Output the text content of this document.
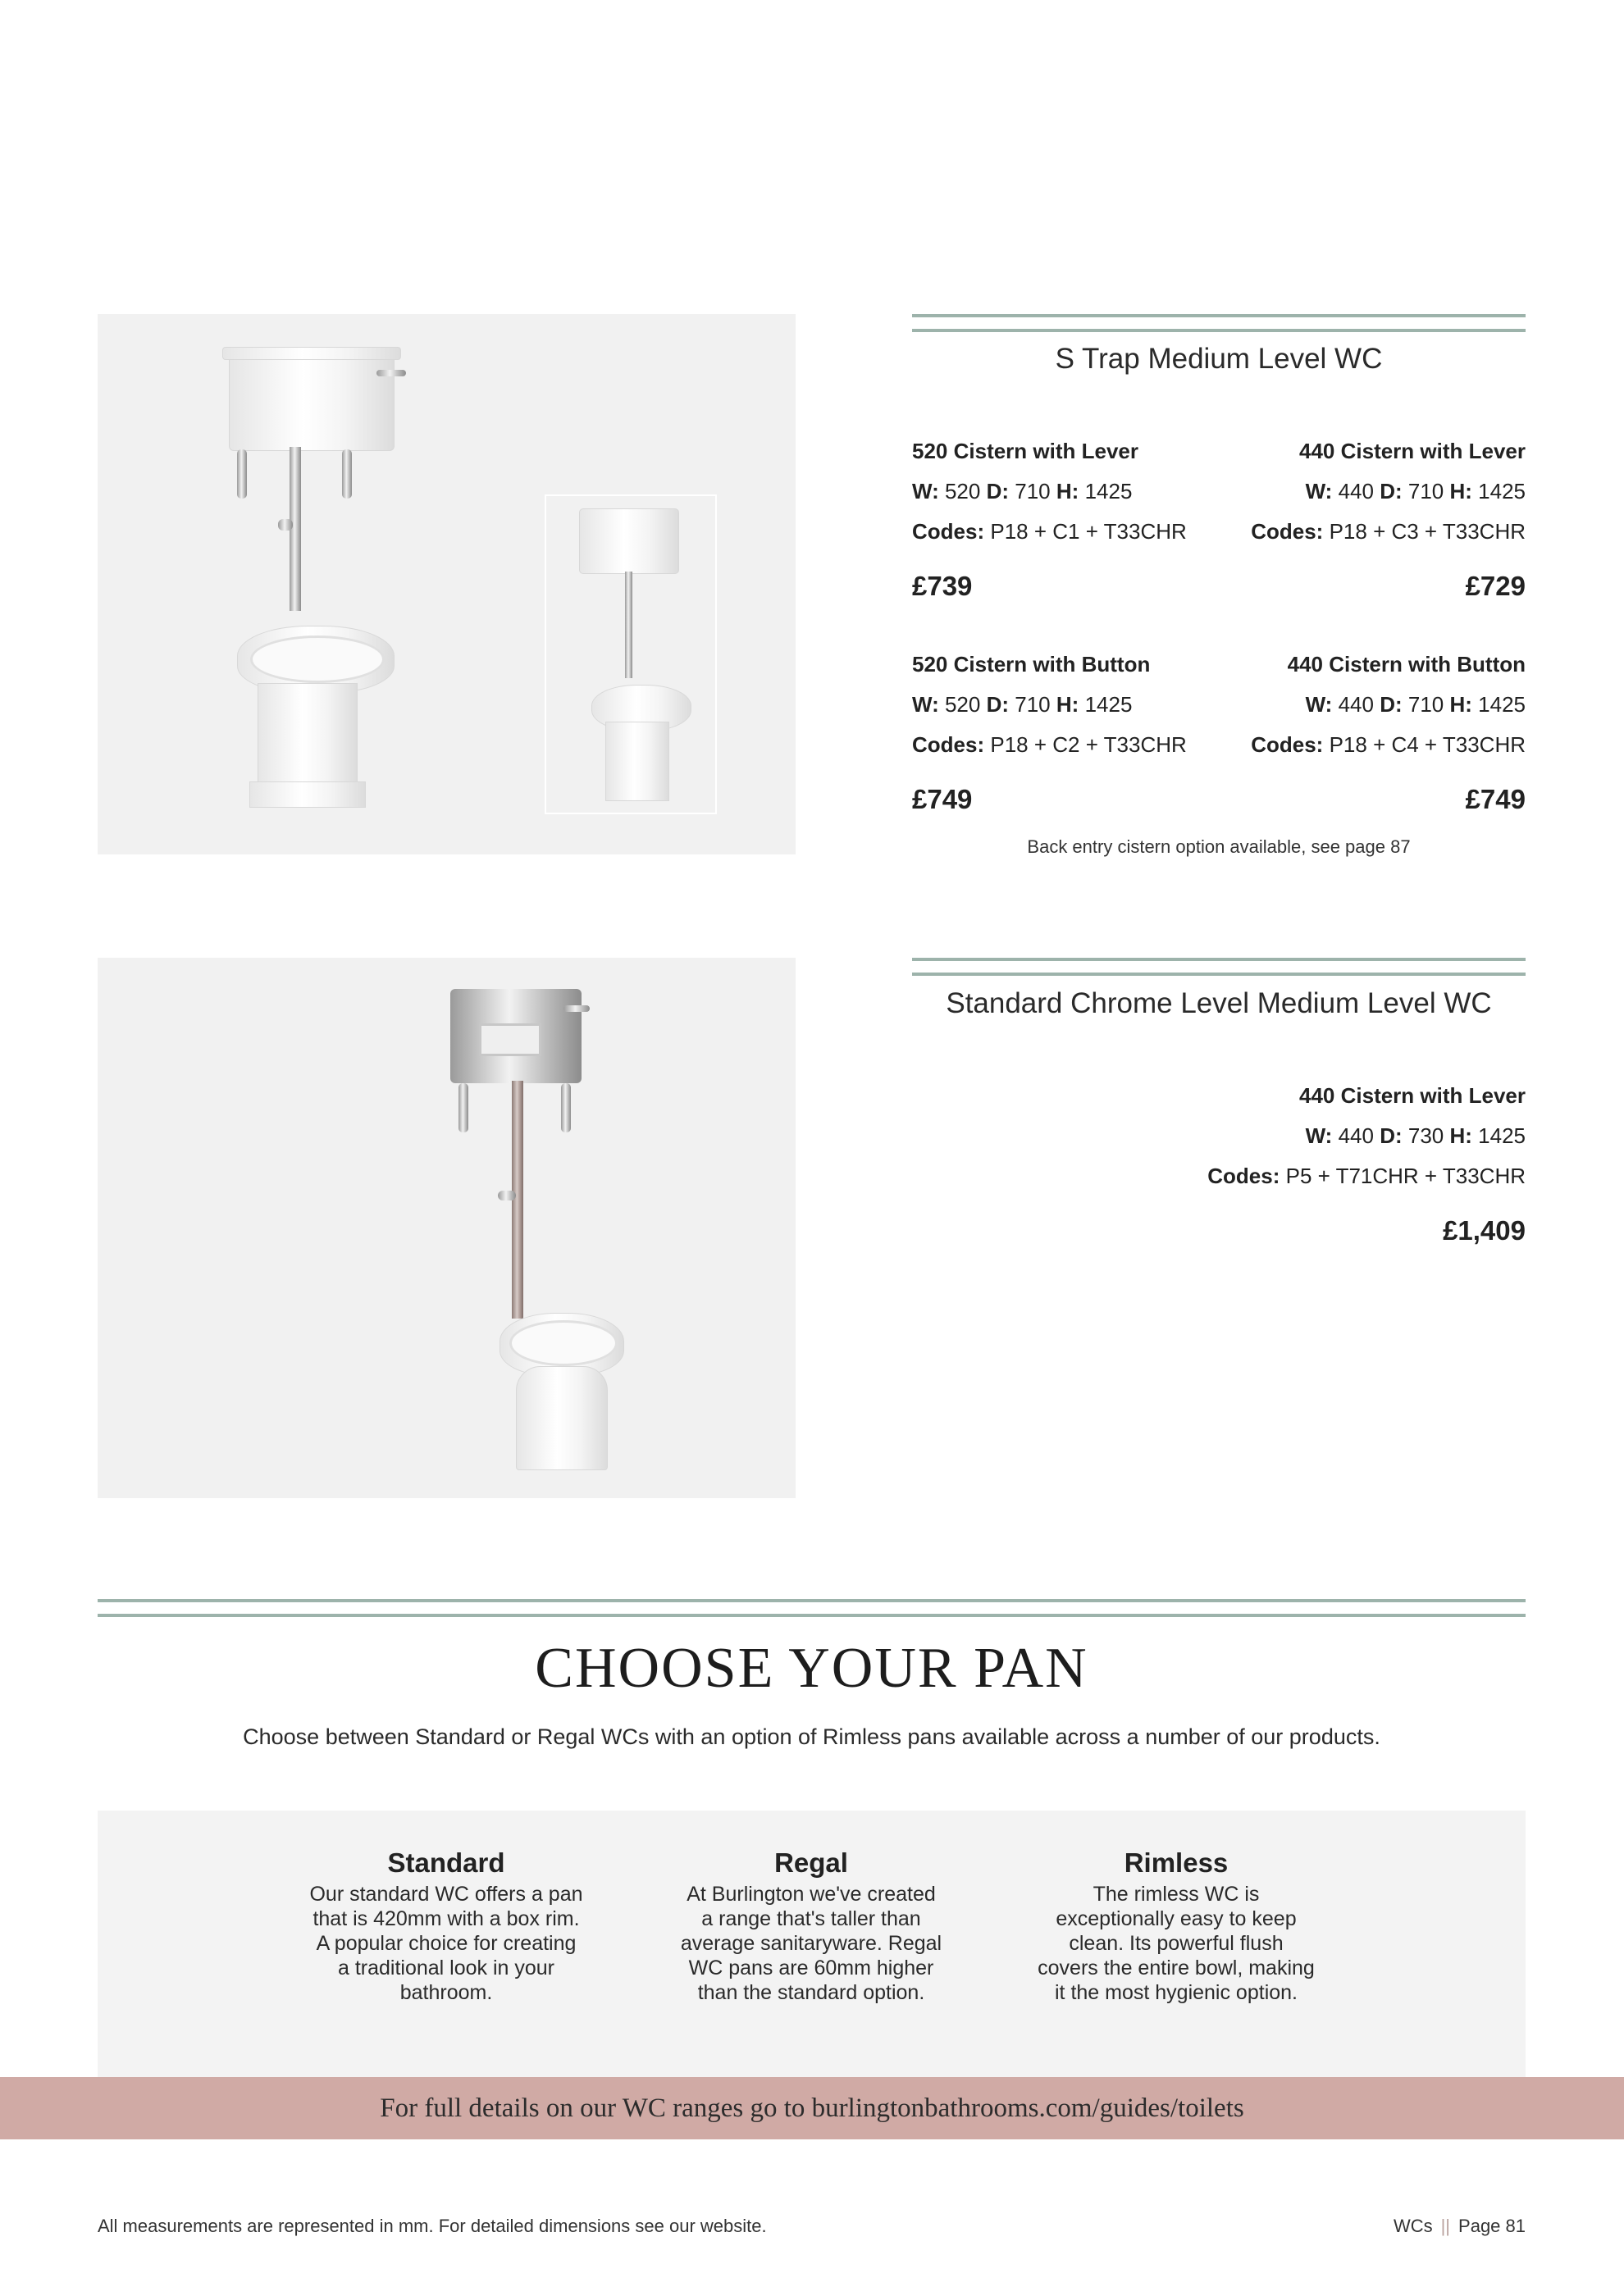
S Trap Medium Level WC
520 Cistern with Lever
W: 520 D: 710 H: 1425
Codes: P18 + C1 + T33CHR
£739
440 Cistern with Lever
W: 440 D: 710 H: 1425
Codes: P18 + C3 + T33CHR
£729
520 Cistern with Button
W: 520 D: 710 H: 1425
Codes: P18 + C2 + T33CHR
£749
440 Cistern with Button
W: 440 D: 710 H: 1425
Codes: P18 + C4 + T33CHR
£749
Back entry cistern option available, see page 87
Standard Chrome Level Medium Level WC
440 Cistern with Lever
W: 440 D: 730 H: 1425
Codes: P5 + T71CHR + T33CHR
£1,409
CHOOSE YOUR PAN
Choose between Standard or Regal WCs with an option of Rimless pans available across a number of our products.
Standard
Our standard WC offers a pan
that is 420mm with a box rim.
A popular choice for creating
a traditional look in your
bathroom.
Regal
At Burlington we've created
a range that's taller than
average sanitaryware. Regal
WC pans are 60mm higher
than the standard option.
Rimless
The rimless WC is
exceptionally easy to keep
clean. Its powerful flush
covers the entire bowl, making
it the most hygienic option.
For full details on our WC ranges go to burlingtonbathrooms.com/guides/toilets
All measurements are represented in mm. For detailed dimensions see our website.	WCs || Page 81
